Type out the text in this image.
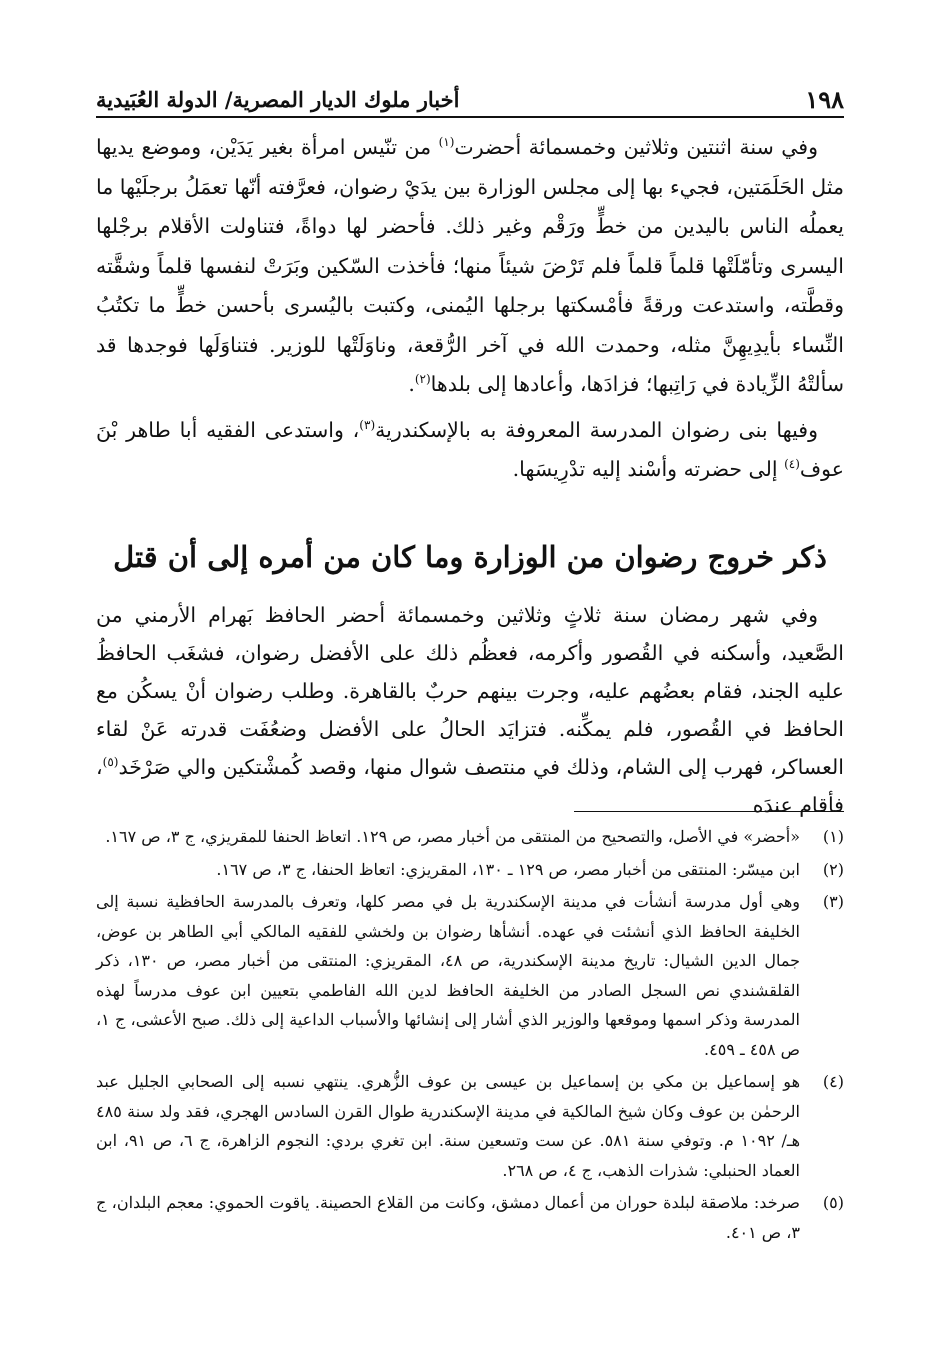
١٩٨
أخبار ملوك الديار المصرية/ الدولة العُبَيدية

وفي سنة اثنتين وثلاثين وخمسمائة أحضرت$^{(١)}$ من تنّيس امرأة بغير يَدَيْن، وموضع يديها مثل الحَلَمَتين، فجيء بها إلى مجلس الوزارة بين يدَيْ رضوان، فعرَّفته أنّها تعمَلُ برجلَيْها ما يعملُه الناس باليدين من خطٍّ ورَقْم وغير ذلك. فأحضر لها دواةً، فتناولت الأقلام برجْلها اليسرى وتأمّلَتْها قلماً قلماً فلم تَرْضَ شيئاً منها؛ فأخذت السّكين وبَرَتْ لنفسها قلماً وشقَّته وقطَّته، واستدعت ورقةً فأمْسكتها برجلها اليُمنى، وكتبت باليُسرى بأحسن خطٍّ ما تكتُبُ النِّساء بأيدِيهِنَّ مثله، وحمدت الله في آخر الرُّقعة، وناوَلَتْها للوزير. فتناوَلَها فوجدها قد سألتْهُ الزِّيادة في رَاتِبها؛ فزادَها، وأعادها إلى بلدها$^{(٢)}$.

وفيها بنى رضوان المدرسة المعروفة به بالإسكندرية$^{(٣)}$، واستدعى الفقيه أبا طاهر بْنَ عوف$^{(٤)}$ إلى حضرته وأسْند إليه تدْرِيسَها.

ذكر خروج رضوان من الوزارة وما كان من أمره إلى أن قتل

وفي شهر رمضان سنة ثلاثٍ وثلاثين وخمسمائة أحضر الحافظ بَهرام الأرمني من الصَّعيد، وأسكنه في القُصور وأكرمه، فعظُم ذلك على الأفضل رضوان، فشغَب الحافظُ عليه الجند، فقام بعضُهم عليه، وجرت بينهم حربٌ بالقاهرة. وطلب رضوان أنْ يسكُن مع الحافظ في القُصور، فلم يمكِّنه. فتزايَد الحالُ على الأفضل وضعُفَت قدرته عَنْ لقاء العساكر، فهرب إلى الشام، وذلك في منتصف شوال منها، وقصد كُمشْتكين والي صَرْخَد$^{(٥)}$، فأقام عندَه

(١)
«أحضر» في الأصل، والتصحيح من المنتقى من أخبار مصر، ص ١٢٩. اتعاظ الحنفا للمقريزي، ج ٣، ص ١٦٧.
(٢)
ابن ميسّر: المنتقى من أخبار مصر، ص ١٢٩ ـ ١٣٠، المقريزي: اتعاظ الحنفا، ج ٣، ص ١٦٧.
(٣)
وهي أول مدرسة أنشأت في مدينة الإسكندرية بل في مصر كلها، وتعرف بالمدرسة الحافظية نسبة إلى الخليفة الحافظ الذي أنشئت في عهده. أنشأها رضوان بن ولخشي للفقيه المالكي أبي الطاهر بن عوض، جمال الدين الشيال: تاريخ مدينة الإسكندرية، ص ٤٨، المقريزي: المنتقى من أخبار مصر، ص ١٣٠، ذكر القلقشندي نص السجل الصادر من الخليفة الحافظ لدين الله الفاطمي بتعيين ابن عوف مدرساً لهذه المدرسة وذكر اسمها وموقعها والوزير الذي أشار إلى إنشائها والأسباب الداعية إلى ذلك. صبح الأعشى، ج ١، ص ٤٥٨ ـ ٤٥٩.
(٤)
هو إسماعيل بن مكي بن إسماعيل بن عيسى بن عوف الزُّهري. ينتهي نسبه إلى الصحابي الجليل عبد الرحمٰن بن عوف وكان شيخ المالكية في مدينة الإسكندرية طوال القرن السادس الهجري، فقد ولد سنة ٤٨٥ هـ/ ١٠٩٢ م. وتوفي سنة ٥٨١. عن ست وتسعين سنة. ابن تغري بردي: النجوم الزاهرة، ج ٦، ص ٩١، ابن العماد الحنبلي: شذرات الذهب، ج ٤، ص ٢٦٨.
(٥)
صرخد: ملاصقة لبلدة حوران من أعمال دمشق، وكانت من القلاع الحصينة. ياقوت الحموي: معجم البلدان، ج ٣، ص ٤٠١.
